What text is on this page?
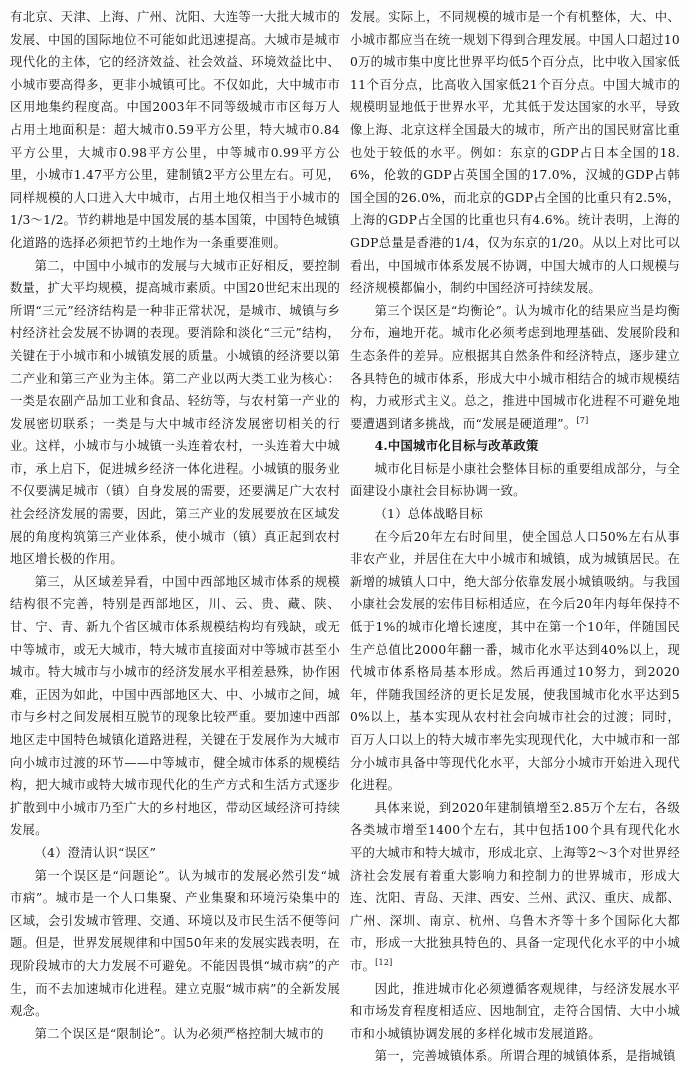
有北京、天津、上海、广州、沈阳、大连等一大批大城市的发展、中国的国际地位不可能如此迅速提高。大城市是城市现代化的主体，它的经济效益、社会效益、环境效益比中、小城市要高得多，更非小城镇可比。不仅如此，大中城市市区用地集约程度高。中国2003年不同等级城市市区每万人占用土地面积是：超大城市0.59平方公里，特大城市0.84平方公里，大城市0.98平方公里，中等城市0.99平方公里，小城市1.47平方公里，建制镇2平方公里左右。可见，同样规模的人口进入大中城市，占用土地仅相当于小城市的1/3～1/2。节约耕地是中国发展的基本国策，中国特色城镇化道路的选择必须把节约土地作为一条重要准则。

第二，中国中小城市的发展与大城市正好相反，要控制数量，扩大平均规模，提高城市素质。中国20世纪末出现的所谓“三元”经济结构是一种非正常状况，是城市、城镇与乡村经济社会发展不协调的表现。要消除和淡化“三元”结构，关键在于小城市和小城镇发展的质量。小城镇的经济要以第二产业和第三产业为主体。第二产业以两大类工业为核心：一类是农副产品加工业和食品、轻纺等，与农村第一产业的发展密切联系；一类是与大中城市经济发展密切相关的行业。这样，小城市与小城镇一头连着农村，一头连着大中城市，承上启下，促进城乡经济一体化进程。小城镇的服务业不仅要满足城市（镇）自身发展的需要，还要满足广大农村社会经济发展的需要，因此，第三产业的发展要放在区域发展的角度构筑第三产业体系，使小城市（镇）真正起到农村地区增长极的作用。

第三，从区域差异看，中国中西部地区城市体系的规模结构很不完善，特别是西部地区，川、云、贵、藏、陕、甘、宁、青、新九个省区城市体系规模结构均有残缺，或无中等城市，或无大城市，特大城市直接面对中等城市甚至小城市。特大城市与小城市的经济发展水平相差悬殊，协作困难，正因为如此，中国中西部地区大、中、小城市之间，城市与乡村之间发展相互脱节的现象比较严重。要加速中西部地区走中国特色城镇化道路进程，关键在于发展作为大城市向小城市过渡的环节——中等城市，健全城市体系的规模结构，把大城市或特大城市现代化的生产方式和生活方式逐步扩散到中小城市乃至广大的乡村地区，带动区域经济可持续发展。

（4）澄清认识“误区”

第一个误区是“问题论”。认为城市的发展必然引发“城市病”。城市是一个人口集聚、产业集聚和环境污染集中的区域，会引发城市管理、交通、环境以及市民生活不便等问题。但是，世界发展规律和中国50年来的发展实践表明，在现阶段城市的大力发展不可避免。不能因畏惧“城市病”的产生，而不去加速城市化进程。建立克服“城市病”的全新发展观念。

第二个误区是“限制论”。认为必须严格控制大城市的

发展。实际上，不同规模的城市是一个有机整体，大、中、小城市都应当在统一规划下得到合理发展。中国人口超过100万的城市集中度比世界平均低5个百分点，比中收入国家低11个百分点，比高收入国家低21个百分点。中国大城市的规模明显地低于世界水平，尤其低于发达国家的水平，导致像上海、北京这样全国最大的城市，所产出的国民财富比重也处于较低的水平。例如：东京的GDP占日本全国的18.6%，伦敦的GDP占英国全国的17.0%，汉城的GDP占韩国全国的26.0%，而北京的GDP占全国的比重只有2.5%，上海的GDP占全国的比重也只有4.6%。统计表明，上海的GDP总量是香港的1/4，仅为东京的1/20。从以上对比可以看出，中国城市体系发展不协调，中国大城市的人口规模与经济规模都偏小，制约中国经济可持续发展。

第三个误区是“均衡论”。认为城市化的结果应当是均衡分布，遍地开花。城市化必须考虑到地理基础、发展阶段和生态条件的差异。应根据其自然条件和经济特点，逐步建立各具特色的城市体系，形成大中小城市相结合的城市规模结构，力戒形式主义。总之，推进中国城市化进程不可避免地要遭遇到诸多挑战，而“发展是硬道理”。[7]

4.中国城市化目标与改革政策

城市化目标是小康社会整体目标的重要组成部分，与全面建设小康社会目标协调一致。

（1）总体战略目标

在今后20年左右时间里，使全国总人口50%左右从事非农产业，并居住在大中小城市和城镇，成为城镇居民。在新增的城镇人口中，绝大部分依靠发展小城镇吸纳。与我国小康社会发展的宏伟目标相适应，在今后20年内每年保持不低于1%的城市化增长速度，其中在第一个10年，伴随国民生产总值比2000年翻一番，城市化水平达到40%以上，现代城市体系格局基本形成。然后再通过10努力，到2020年，伴随我国经济的更长足发展，使我国城市化水平达到50%以上，基本实现从农村社会向城市社会的过渡；同时，百万人口以上的特大城市率先实现现代化，大中城市和一部分小城市具备中等现代化水平，大部分小城市开始进入现代化进程。

具体来说，到2020年建制镇增至2.85万个左右，各级各类城市增至1400个左右，其中包括100个具有现代化水平的大城市和特大城市，形成北京、上海等2～3个对世界经济社会发展有着重大影响力和控制力的世界城市，形成大连、沈阳、青岛、天津、西安、兰州、武汉、重庆、成都、广州、深圳、南京、杭州、乌鲁木齐等十多个国际化大都市，形成一大批独具特色的、具备一定现代化水平的中小城市。[12]

因此，推进城市化必须遵循客观规律，与经济发展水平和市场发育程度相适应、因地制宜，走符合国情、大中小城市和小城镇协调发展的多样化城市发展道路。

第一，完善城镇体系。所谓合理的城镇体系，是指城镇
